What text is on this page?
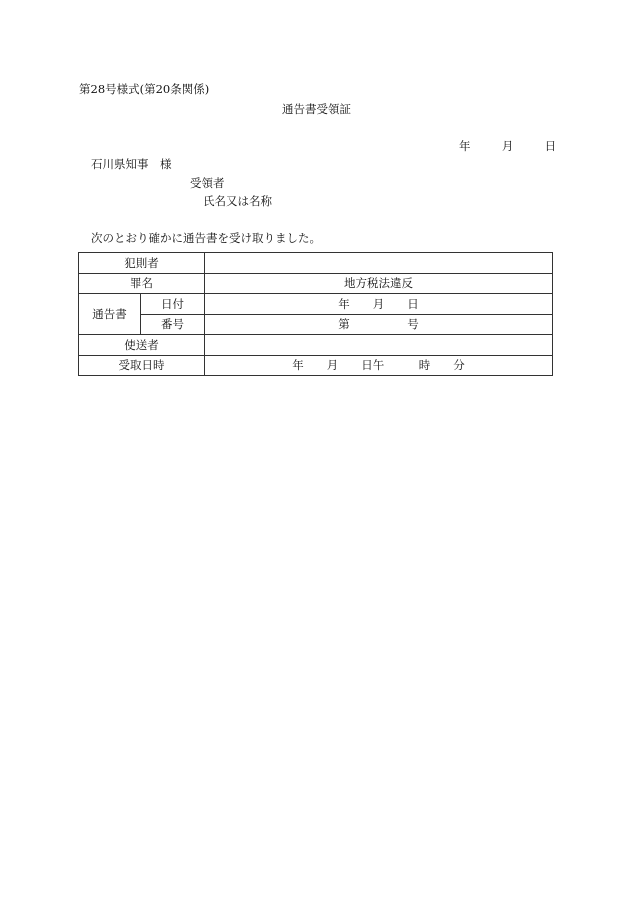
第28号様式(第20条関係)
通告書受領証
年	月	日
石川県知事　様
受領者
氏名又は名称
次のとおり確かに通告書を受け取りました。
犯則者		
罪名		地方税法違反
通告書	日付	年　　月　　日
	番号	第　　　　　号
使送者		
受取日時		年　　月　　日午　　　時　　分
